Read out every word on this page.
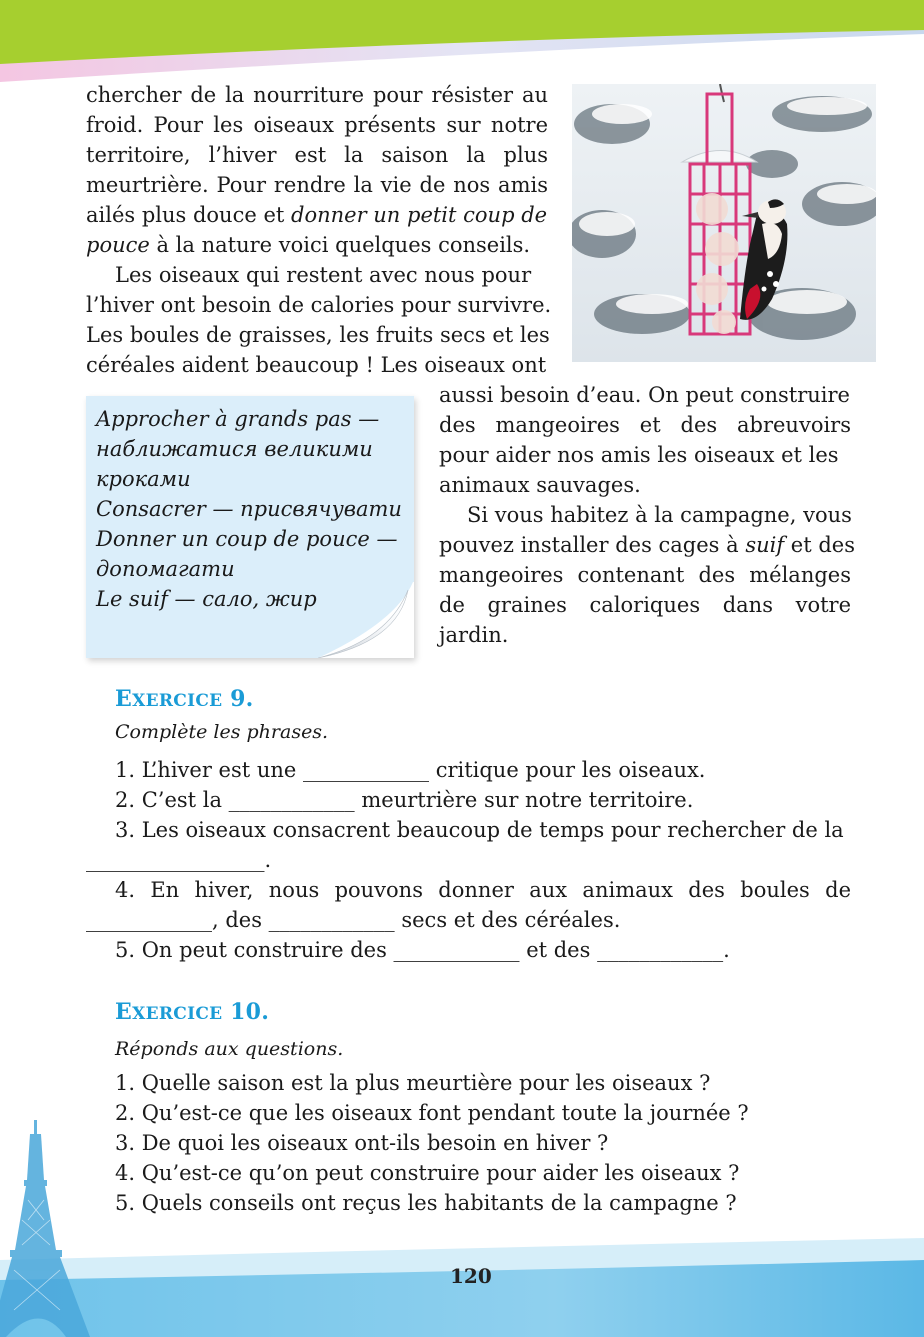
chercher de la nourriture pour résister au
froid. Pour les oiseaux présents sur notre
territoire, l’hiver est la saison la plus
meurtrière. Pour rendre la vie de nos amis
ailés plus douce et donner un petit coup de
pouce à la nature voici quelques conseils.
Les oiseaux qui restent avec nous pour
l’hiver ont besoin de calories pour survivre.
Les boules de graisses, les fruits secs et les
céréales aident beaucoup ! Les oiseaux ont
aussi besoin d’eau. On peut construire
des mangeoires et des abreuvoirs
pour aider nos amis les oiseaux et les
animaux sauvages.
Si vous habitez à la campagne, vous
pouvez installer des cages à suif et des
mangeoires contenant des mélanges
de graines caloriques dans votre
jardin.
Approcher à grands pas —
наближатися великими
кроками
Consacrer — присвячувати
Donner un coup de pouce —
допомагати
Le suif — сало, жир
EXERCICE 9.
Complète les phrases.
1. L’hiver est une ____________ critique pour les oiseaux.
2. C’est la ____________ meurtrière sur notre territoire.
3. Les oiseaux consacrent beaucoup de temps pour rechercher de la
_________________.
4. En hiver, nous pouvons donner aux animaux des boules de
____________, des ____________ secs et des céréales.
5. On peut construire des ____________ et des ____________.
EXERCICE 10.
Réponds aux questions.
1. Quelle saison est la plus meurtière pour les oiseaux ?
2. Qu’est-ce que les oiseaux font pendant toute la journée ?
3. De quoi les oiseaux ont-ils besoin en hiver ?
4. Qu’est-ce qu’on peut construire pour aider les oiseaux ?
5. Quels conseils ont reçus les habitants de la campagne ?
120
